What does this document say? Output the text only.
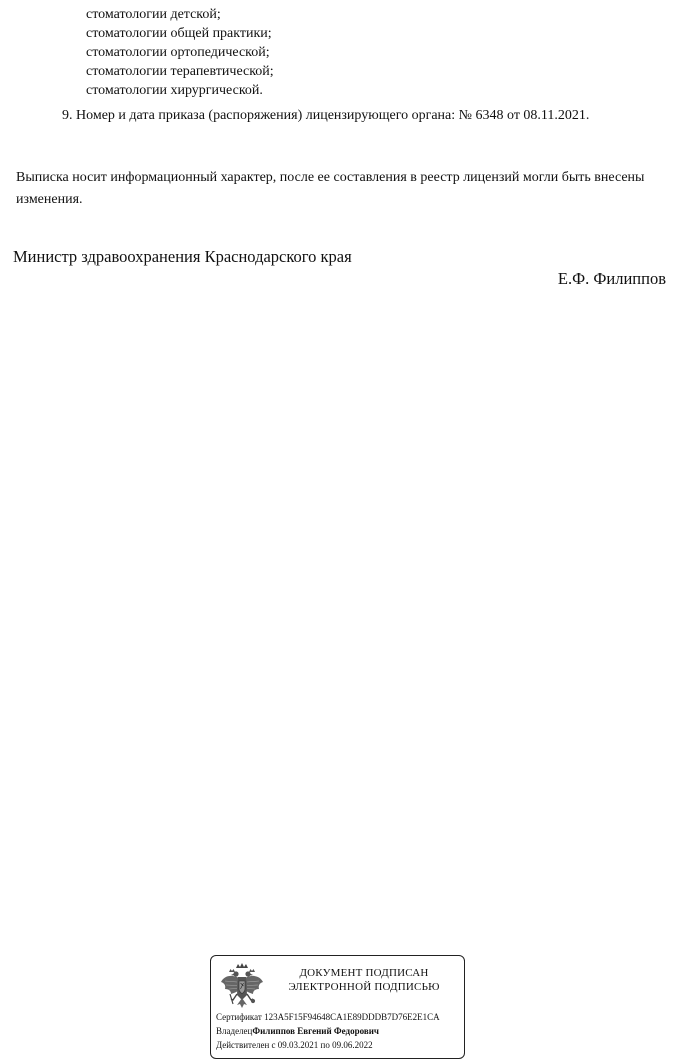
стоматологии детской;
стоматологии общей практики;
стоматологии ортопедической;
стоматологии терапевтической;
стоматологии хирургической.
9. Номер и дата приказа (распоряжения) лицензирующего органа: № 6348 от 08.11.2021.
Выписка носит информационный характер, после ее составления в реестр лицензий могли быть внесены изменения.
Министр здравоохранения Краснодарского края
Е.Ф. Филиппов
ДОКУМЕНТ ПОДПИСАН
ЭЛЕКТРОННОЙ ПОДПИСЬЮ
Сертификат 123A5F15F94648CA1E89DDDB7D76E2E1CA
ВладелецФилиппов Евгений Федорович
Действителен с 09.03.2021 по 09.06.2022
